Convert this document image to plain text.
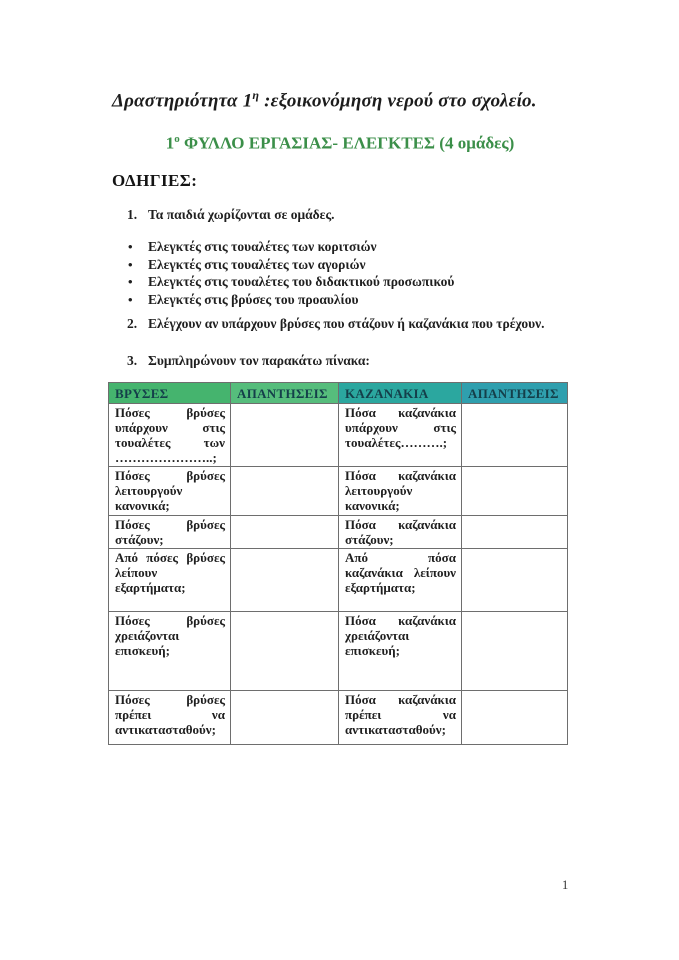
Δραστηριότητα $1^\eta$ :εξοικονόμηση νερού στο σχολείο.
$1^o$ ΦΥΛΛΟ ΕΡΓΑΣΙΑΣ- ΕΛΕΓΚΤΕΣ (4 ομάδες)
ΟΔΗΓΙΕΣ:
1. Τα παιδιά χωρίζονται σε ομάδες.
• Ελεγκτές στις τουαλέτες των κοριτσιών
• Ελεγκτές στις τουαλέτες των αγοριών
• Ελεγκτές στις τουαλέτες του διδακτικού προσωπικού
• Ελεγκτές στις βρύσες του προαυλίου
2. Ελέγχουν αν υπάρχουν βρύσες που στάζουν ή καζανάκια που τρέχουν.
3. Συμπληρώνουν τον παρακάτω πίνακα:
ΒΡΥΣΕΣ	ΑΠΑΝΤΗΣΕΙΣ	ΚΑΖΑΝΑΚΙΑ	ΑΠΑΝΤΗΣΕΙΣ
Πόσες βρύσες υπάρχουν στις τουαλέτες των …………………..;		Πόσα καζανάκια υπάρχουν στις τουαλέτες……….;	
Πόσες βρύσες λειτουργούν κανονικά;		Πόσα καζανάκια λειτουργούν κανονικά;	
Πόσες βρύσες στάζουν;		Πόσα καζανάκια στάζουν;	
Από πόσες βρύσες λείπουν εξαρτήματα;		Από πόσα καζανάκια λείπουν εξαρτήματα;	
Πόσες βρύσες χρειάζονται επισκευή;		Πόσα καζανάκια χρειάζονται επισκευή;	
Πόσες βρύσες πρέπει να αντικατασταθούν;		Πόσα καζανάκια πρέπει να αντικατασταθούν;	
1
